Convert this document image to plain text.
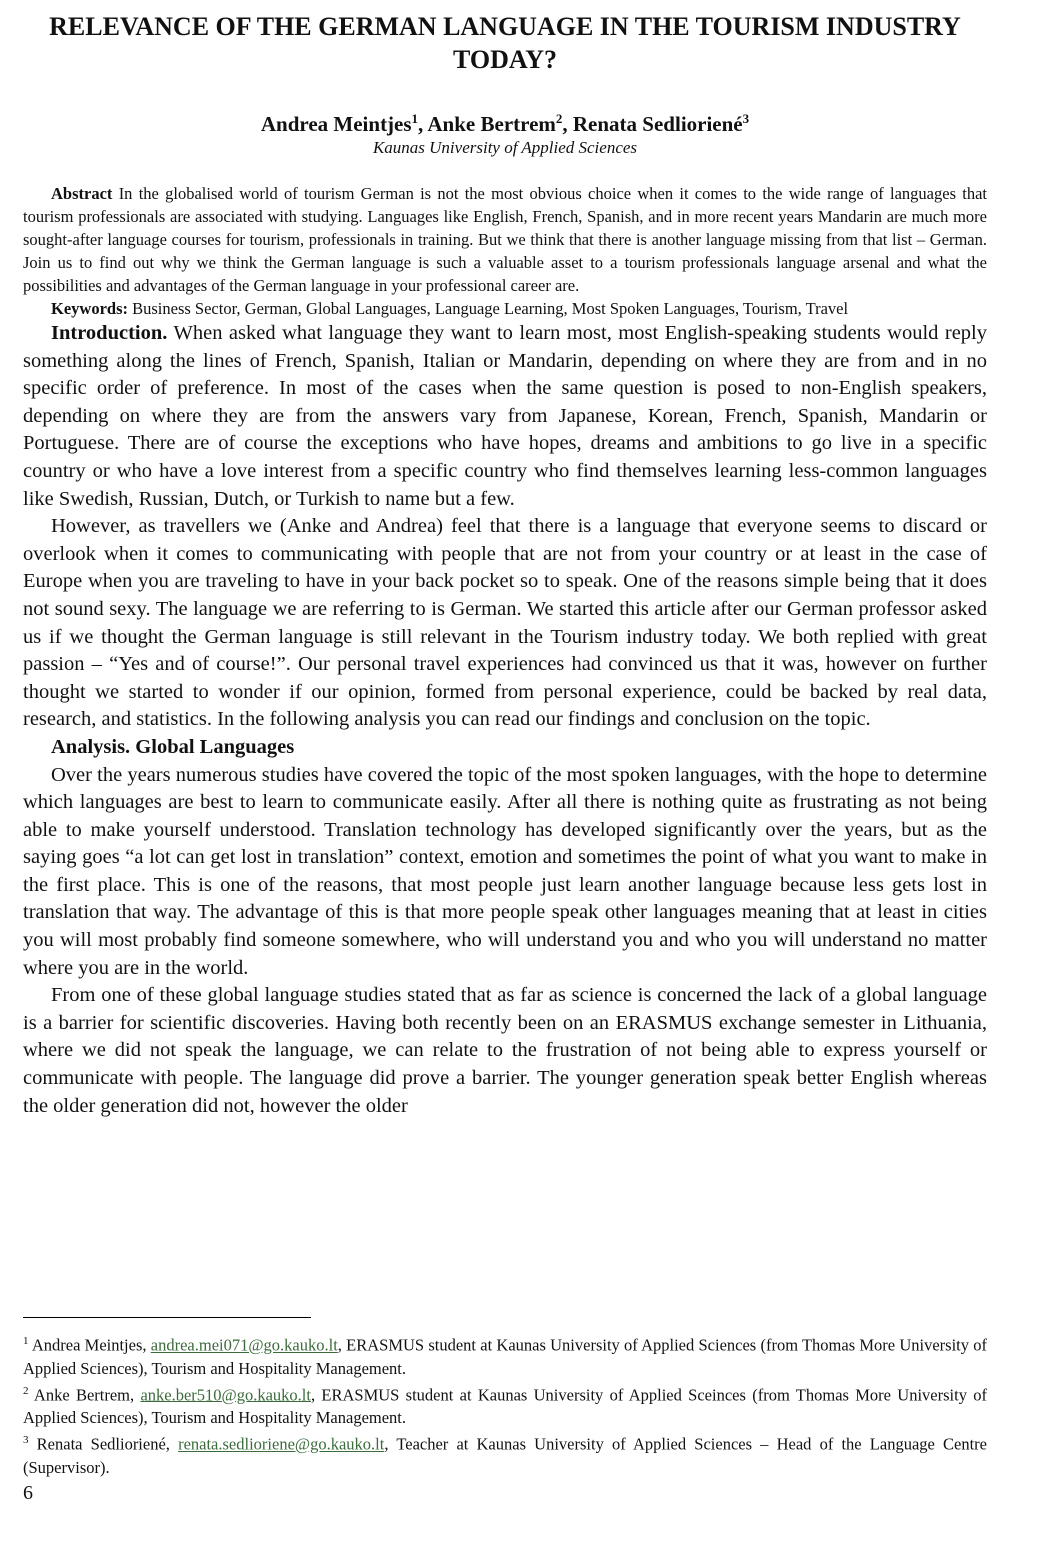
RELEVANCE OF THE GERMAN LANGUAGE IN THE TOURISM INDUSTRY TODAY?
Andrea Meintjes$^1$, Anke Bertrem$^2$, Renata Sedlioriené$^3$
Kaunas University of Applied Sciences

Abstract In the globalised world of tourism German is not the most obvious choice when it comes to the wide range of languages that tourism professionals are associated with studying. Languages like English, French, Spanish, and in more recent years Mandarin are much more sought-after language courses for tourism, professionals in training. But we think that there is another language missing from that list – German. Join us to find out why we think the German language is such a valuable asset to a tourism professionals language arsenal and what the possibilities and advantages of the German language in your professional career are.

Keywords: Business Sector, German, Global Languages, Language Learning, Most Spoken Languages, Tourism, Travel

Introduction. When asked what language they want to learn most, most English-speaking students would reply something along the lines of French, Spanish, Italian or Mandarin, depending on where they are from and in no specific order of preference. In most of the cases when the same question is posed to non-English speakers, depending on where they are from the answers vary from Japanese, Korean, French, Spanish, Mandarin or Portuguese. There are of course the exceptions who have hopes, dreams and ambitions to go live in a specific country or who have a love interest from a specific country who find themselves learning less-common languages like Swedish, Russian, Dutch, or Turkish to name but a few.

However, as travellers we (Anke and Andrea) feel that there is a language that everyone seems to discard or overlook when it comes to communicating with people that are not from your country or at least in the case of Europe when you are traveling to have in your back pocket so to speak. One of the reasons simple being that it does not sound sexy. The language we are referring to is German. We started this article after our German professor asked us if we thought the German language is still relevant in the Tourism industry today. We both replied with great passion – “Yes and of course!”. Our personal travel experiences had convinced us that it was, however on further thought we started to wonder if our opinion, formed from personal experience, could be backed by real data, research, and statistics. In the following analysis you can read our findings and conclusion on the topic.

Analysis. Global Languages

Over the years numerous studies have covered the topic of the most spoken languages, with the hope to determine which languages are best to learn to communicate easily. After all there is nothing quite as frustrating as not being able to make yourself understood. Translation technology has developed significantly over the years, but as the saying goes “a lot can get lost in translation” context, emotion and sometimes the point of what you want to make in the first place. This is one of the reasons, that most people just learn another language because less gets lost in translation that way. The advantage of this is that more people speak other languages meaning that at least in cities you will most probably find someone somewhere, who will understand you and who you will understand no matter where you are in the world.

From one of these global language studies stated that as far as science is concerned the lack of a global language is a barrier for scientific discoveries. Having both recently been on an ERASMUS exchange semester in Lithuania, where we did not speak the language, we can relate to the frustration of not being able to express yourself or communicate with people. The language did prove a barrier. The younger generation speak better English whereas the older generation did not, however the older

$^1$ Andrea Meintjes, andrea.mei071@go.kauko.lt, ERASMUS student at Kaunas University of Applied Sciences (from Thomas More University of Applied Sciences), Tourism and Hospitality Management.

$^2$ Anke Bertrem, anke.ber510@go.kauko.lt, ERASMUS student at Kaunas University of Applied Sceinces (from Thomas More University of Applied Sciences), Tourism and Hospitality Management.

$^3$ Renata Sedlioriené, renata.sedlioriene@go.kauko.lt, Teacher at Kaunas University of Applied Sciences – Head of the Language Centre (Supervisor).

6
